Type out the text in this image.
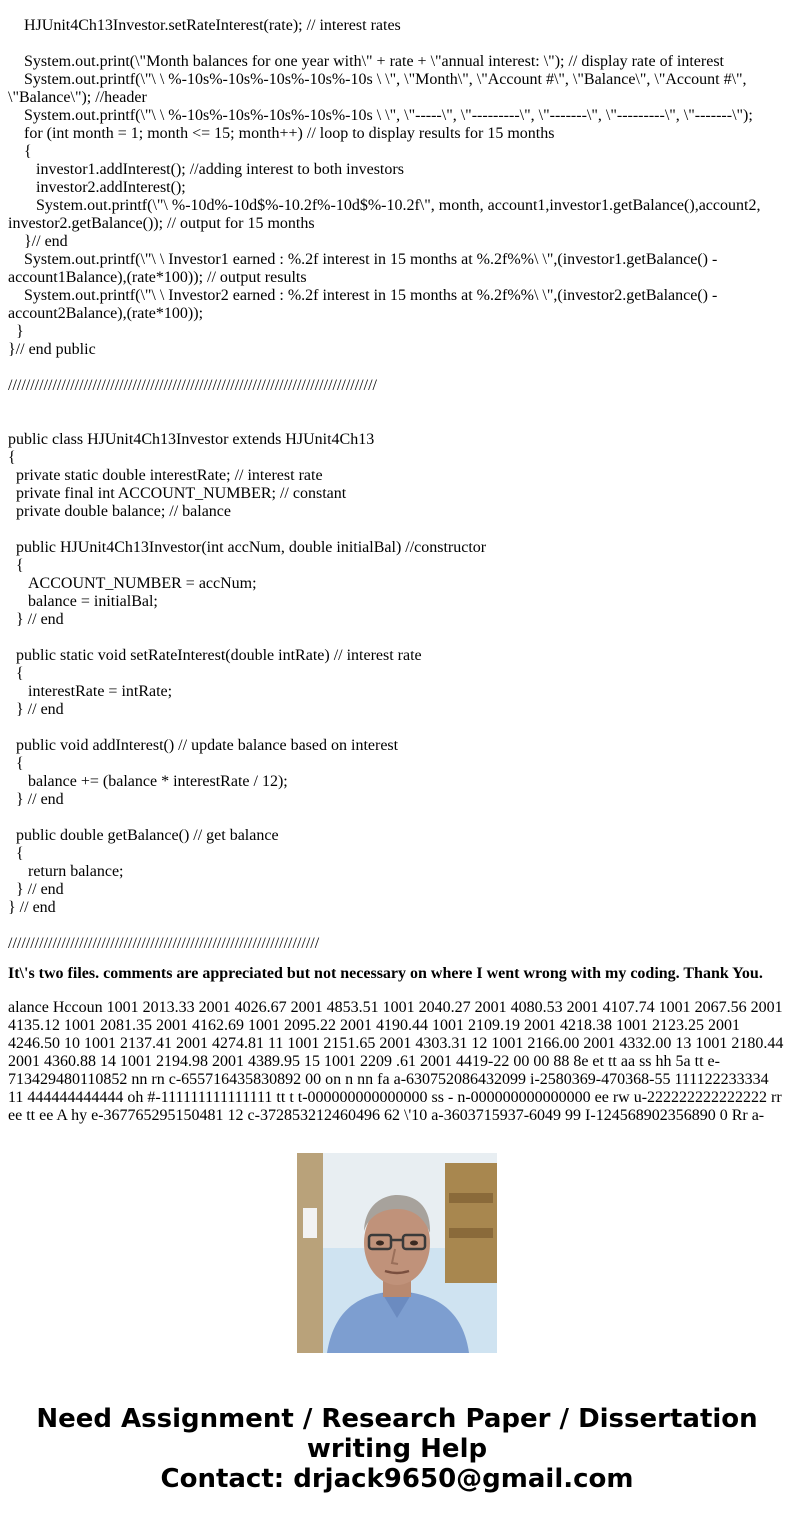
HJUnit4Ch13Investor.setRateInterest(rate); // interest rates
System.out.print(\"Month balances for one year with\" + rate + \"annual interest: \"); // display rate of interest
System.out.printf(\"\ \ %-10s%-10s%-10s%-10s%-10s \ \", \"Month\", \"Account #\", \"Balance\", \"Account #\", \"Balance\"); //header
System.out.printf(\"\ \ %-10s%-10s%-10s%-10s%-10s \ \", \"-----\", \"---------\", \"-------\", \"---------\", \"-------\");
for (int month = 1; month <= 15; month++) // loop to display results for 15 months
{
investor1.addInterest(); //adding interest to both investors
investor2.addInterest();
System.out.printf(\"\ %-10d%-10d$%-10.2f%-10d$%-10.2f\", month, account1,investor1.getBalance(),account2, investor2.getBalance()); // output for 15 months
}// end
System.out.printf(\"\ \ Investor1 earned : %.2f interest in 15 months at %.2f%%\ \",(investor1.getBalance() - account1Balance),(rate*100)); // output results
System.out.printf(\"\ \ Investor2 earned : %.2f interest in 15 months at %.2f%%\ \",(investor2.getBalance() - account2Balance),(rate*100));
}
}// end public
///////////////////////////////////////////////////////////////////////////////////
public class HJUnit4Ch13Investor extends HJUnit4Ch13
{
private static double interestRate; // interest rate
private final int ACCOUNT_NUMBER; // constant
private double balance; // balance
public HJUnit4Ch13Investor(int accNum, double initialBal) //constructor
{
ACCOUNT_NUMBER = accNum;
balance = initialBal;
} // end
public static void setRateInterest(double intRate) // interest rate
{
interestRate = intRate;
} // end
public void addInterest() // update balance based on interest
{
balance += (balance * interestRate / 12);
} // end
public double getBalance() // get balance
{
return balance;
} // end
} // end
//////////////////////////////////////////////////////////////////////
It\'s two files. comments are appreciated but not necessary on where I went wrong with my coding. Thank You.
alance Hccoun 1001 2013.33 2001 4026.67 2001 4853.51 1001 2040.27 2001 4080.53 2001 4107.74 1001 2067.56 2001 4135.12 1001 2081.35 2001 4162.69 1001 2095.22 2001 4190.44 1001 2109.19 2001 4218.38 1001 2123.25 2001 4246.50 10 1001 2137.41 2001 4274.81 11 1001 2151.65 2001 4303.31 12 1001 2166.00 2001 4332.00 13 1001 2180.44 2001 4360.88 14 1001 2194.98 2001 4389.95 15 1001 2209 .61 2001 4419-22 00 00 88 8e et tt aa ss hh 5a tt e-713429480110852 nn rn c-655716435830892 00 on n nn fa a-630752086432099 i-2580369-470368-55 111122233334 11 444444444444 oh #-111111111111111 tt t t-000000000000000 ss - n-000000000000000 ee rw u-222222222222222 rr ee tt ee A hy e-367765295150481 12 c-372853212460496 62 \'10 a-3603715937-6049 99 I-124568902356890 0 Rr a-
Need Assignment / Research Paper / Dissertation
writing Help
Contact: drjack9650@gmail.com
